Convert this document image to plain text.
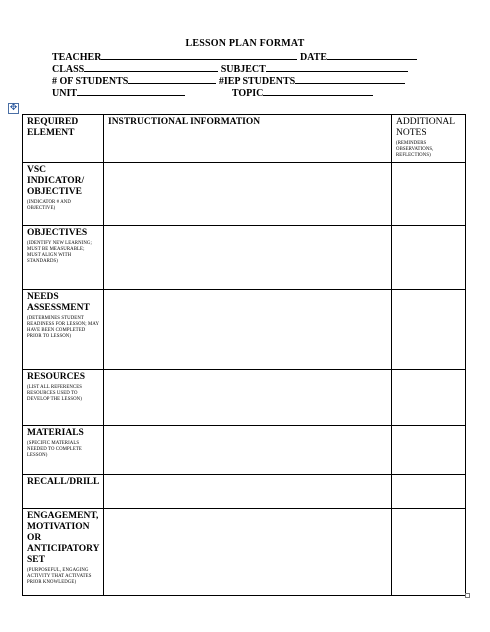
LESSON PLAN FORMAT
TEACHER	DATE
CLASS	SUBJECT
# OF STUDENTS	#IEP STUDENTS
UNIT	TOPIC
✥
REQUIRED ELEMENT	INSTRUCTIONAL INFORMATION	ADDITIONAL NOTES
(REMINDERS OBSERVATIONS, REFLECTIONS)

VSC INDICATOR/ OBJECTIVE
(INDICATOR # AND OBJECTIVE)		

OBJECTIVES
(IDENTIFY NEW LEARNING; MUST BE MEASURABLE; MUST ALIGN WITH STANDARDS)		

NEEDS ASSESSMENT
(DETERMINES STUDENT READINESS FOR LESSON; MAY HAVE BEEN COMPLETED PRIOR TO LESSON)		

RESOURCES
(LIST ALL REFERENCES RESOURCES USED TO DEVELOP THE LESSON)		

MATERIALS
(SPECIFIC MATERIALS NEEDED TO COMPLETE LESSON)		

RECALL/DRILL		

ENGAGEMENT, MOTIVATION OR ANTICIPATORY SET
(PURPOSEFUL, ENGAGING ACTIVITY THAT ACTIVATES PRIOR KNOWLEDGE)		
